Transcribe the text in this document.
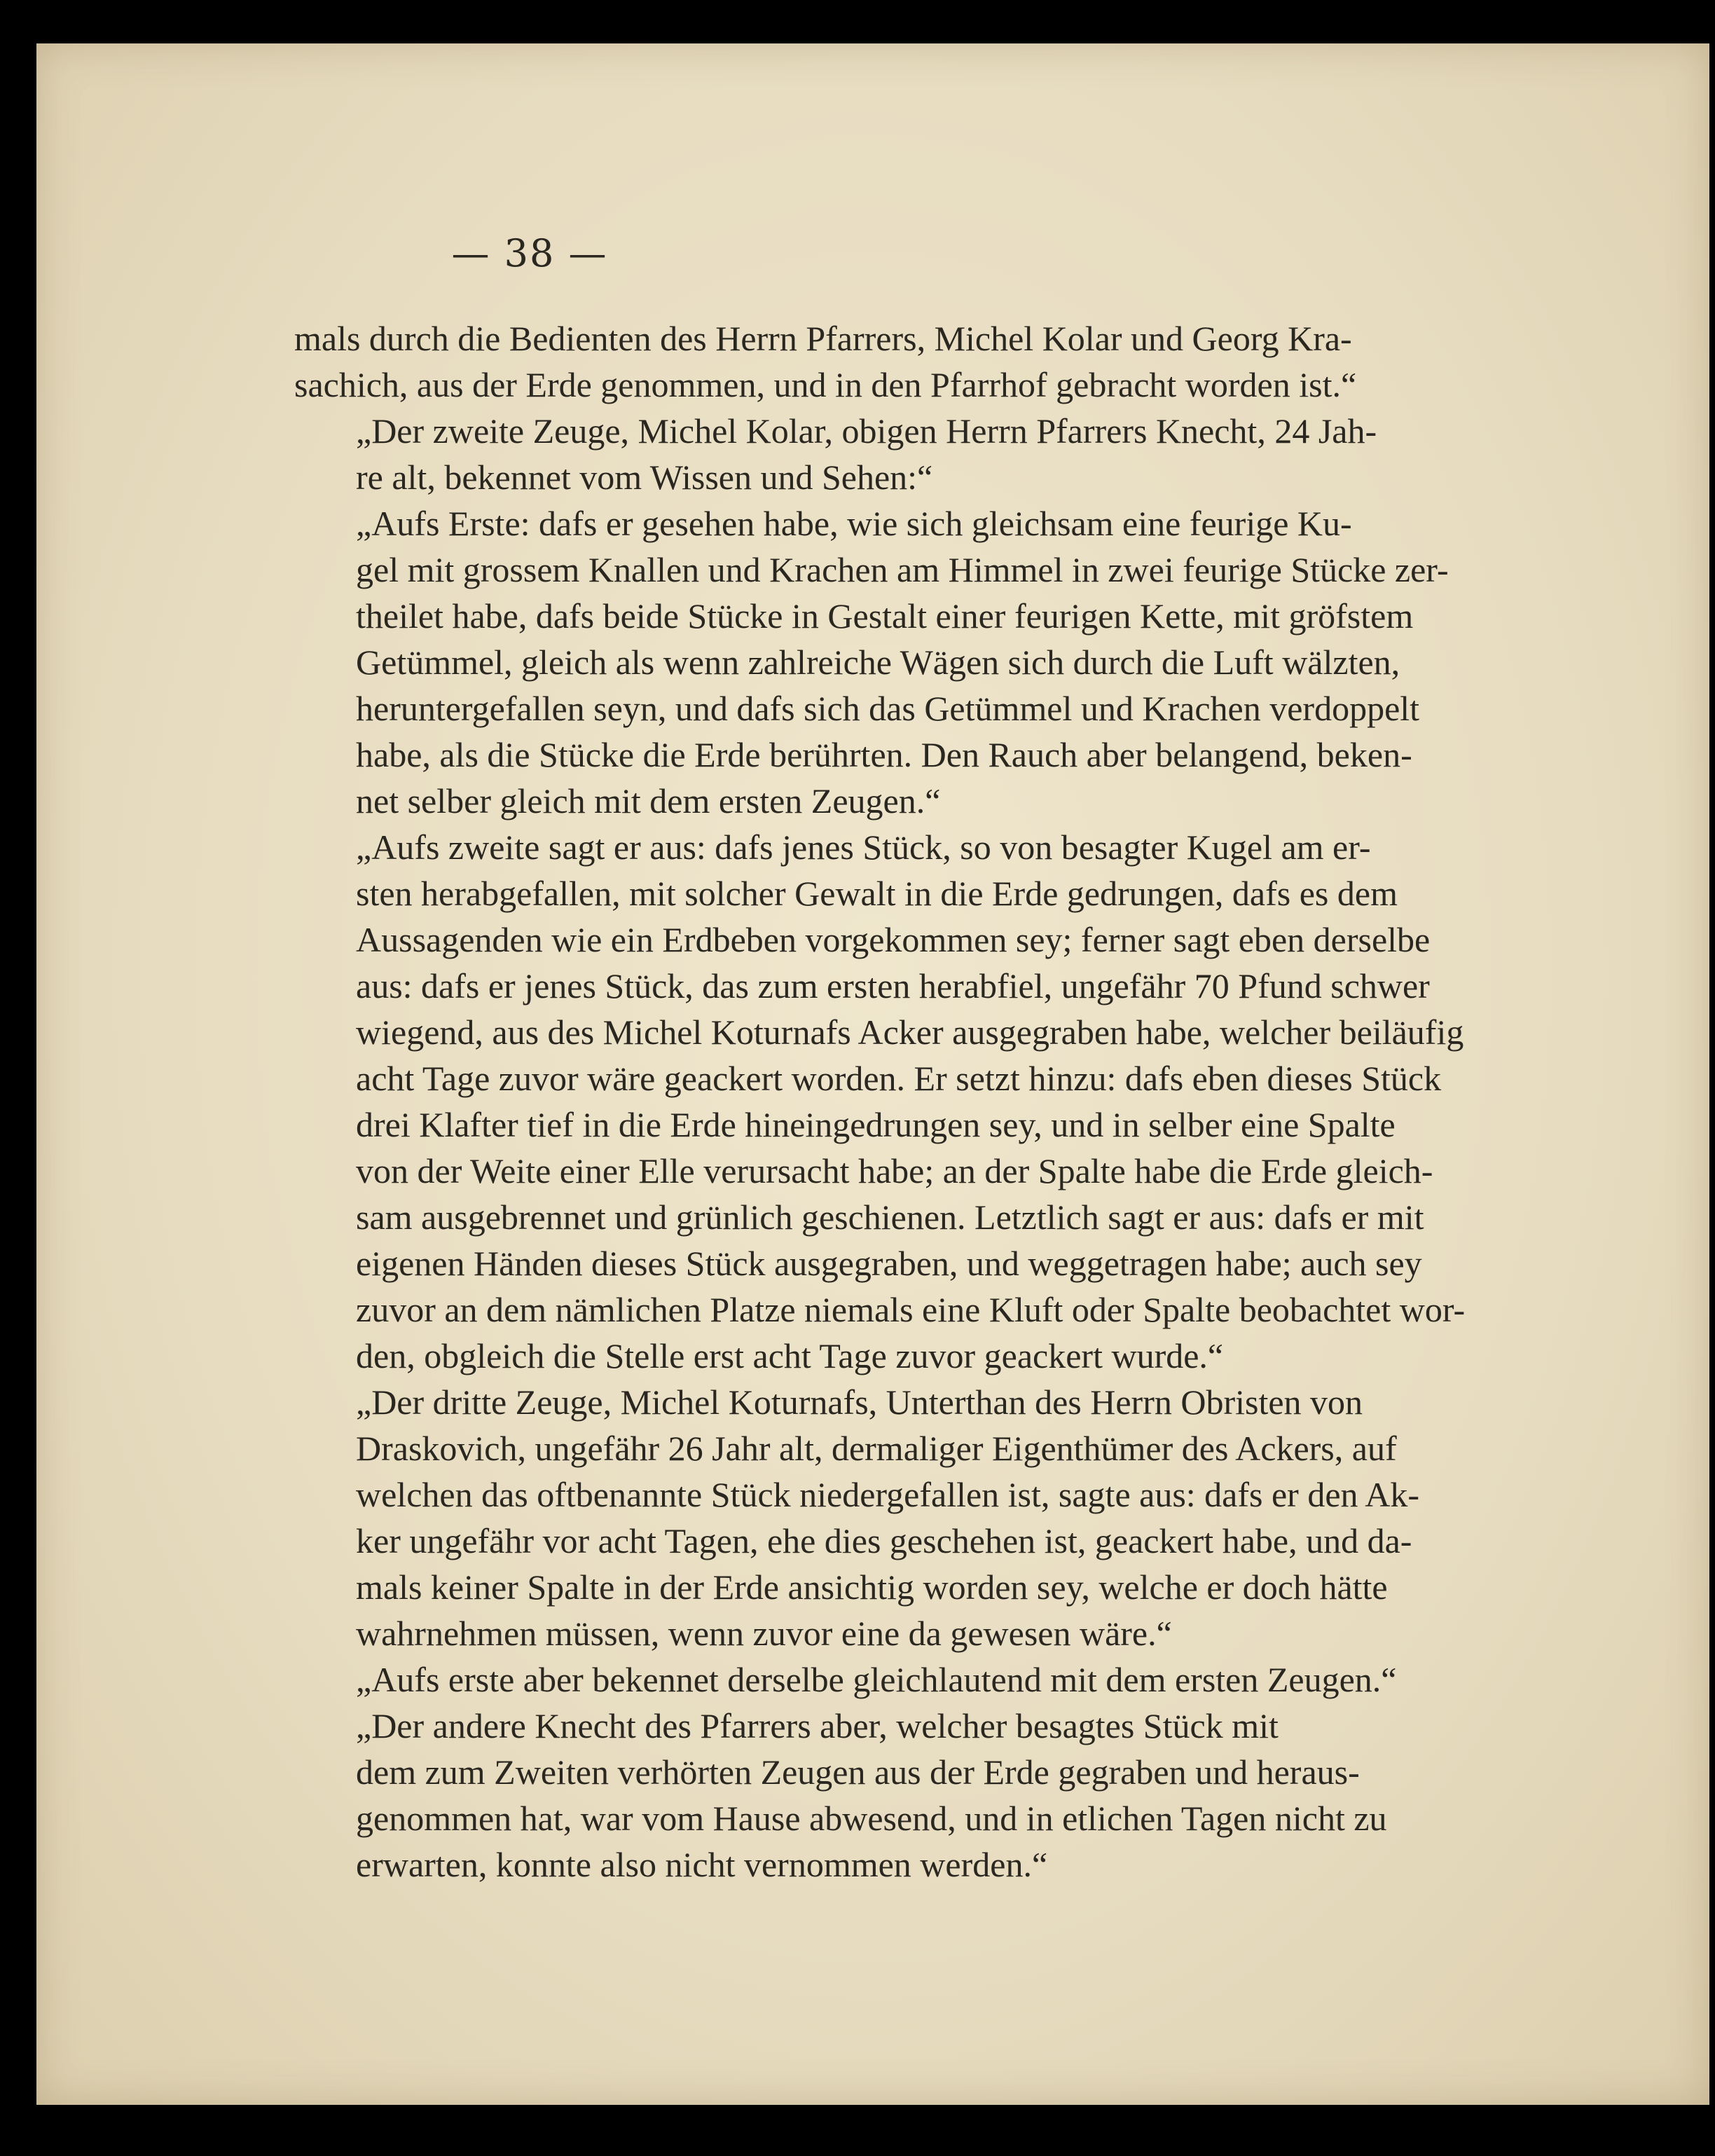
— 38 —

mals durch die Bedienten des Herrn Pfarrers, Michel Kolar und Georg Kra-
sachich, aus der Erde genommen, und in den Pfarrhof gebracht worden ist.“

„Der zweite Zeuge, Michel Kolar, obigen Herrn Pfarrers Knecht, 24 Jah-
re alt, bekennet vom Wissen und Sehen:“

„Aufs Erste: dafs er gesehen habe, wie sich gleichsam eine feurige Ku-
gel mit grossem Knallen und Krachen am Himmel in zwei feurige Stücke zer-
theilet habe, dafs beide Stücke in Gestalt einer feurigen Kette, mit gröfstem
Getümmel, gleich als wenn zahlreiche Wägen sich durch die Luft wälzten,
heruntergefallen seyn, und dafs sich das Getümmel und Krachen verdoppelt
habe, als die Stücke die Erde berührten. Den Rauch aber belangend, beken-
net selber gleich mit dem ersten Zeugen.“

„Aufs zweite sagt er aus: dafs jenes Stück, so von besagter Kugel am er-
sten herabgefallen, mit solcher Gewalt in die Erde gedrungen, dafs es dem
Aussagenden wie ein Erdbeben vorgekommen sey; ferner sagt eben derselbe
aus: dafs er jenes Stück, das zum ersten herabfiel, ungefähr 70 Pfund schwer
wiegend, aus des Michel Koturnafs Acker ausgegraben habe, welcher beiläufig
acht Tage zuvor wäre geackert worden. Er setzt hinzu: dafs eben dieses Stück
drei Klafter tief in die Erde hineingedrungen sey, und in selber eine Spalte
von der Weite einer Elle verursacht habe; an der Spalte habe die Erde gleich-
sam ausgebrennet und grünlich geschienen. Letztlich sagt er aus: dafs er mit
eigenen Händen dieses Stück ausgegraben, und weggetragen habe; auch sey
zuvor an dem nämlichen Platze niemals eine Kluft oder Spalte beobachtet wor-
den, obgleich die Stelle erst acht Tage zuvor geackert wurde.“

„Der dritte Zeuge, Michel Koturnafs, Unterthan des Herrn Obristen von
Draskovich, ungefähr 26 Jahr alt, dermaliger Eigenthümer des Ackers, auf
welchen das oftbenannte Stück niedergefallen ist, sagte aus: dafs er den Ak-
ker ungefähr vor acht Tagen, ehe dies geschehen ist, geackert habe, und da-
mals keiner Spalte in der Erde ansichtig worden sey, welche er doch hätte
wahrnehmen müssen, wenn zuvor eine da gewesen wäre.“

„Aufs erste aber bekennet derselbe gleichlautend mit dem ersten Zeugen.“

„Der andere Knecht des Pfarrers aber, welcher besagtes Stück mit
dem zum Zweiten verhörten Zeugen aus der Erde gegraben und heraus-
genommen hat, war vom Hause abwesend, und in etlichen Tagen nicht zu
erwarten, konnte also nicht vernommen werden.“
